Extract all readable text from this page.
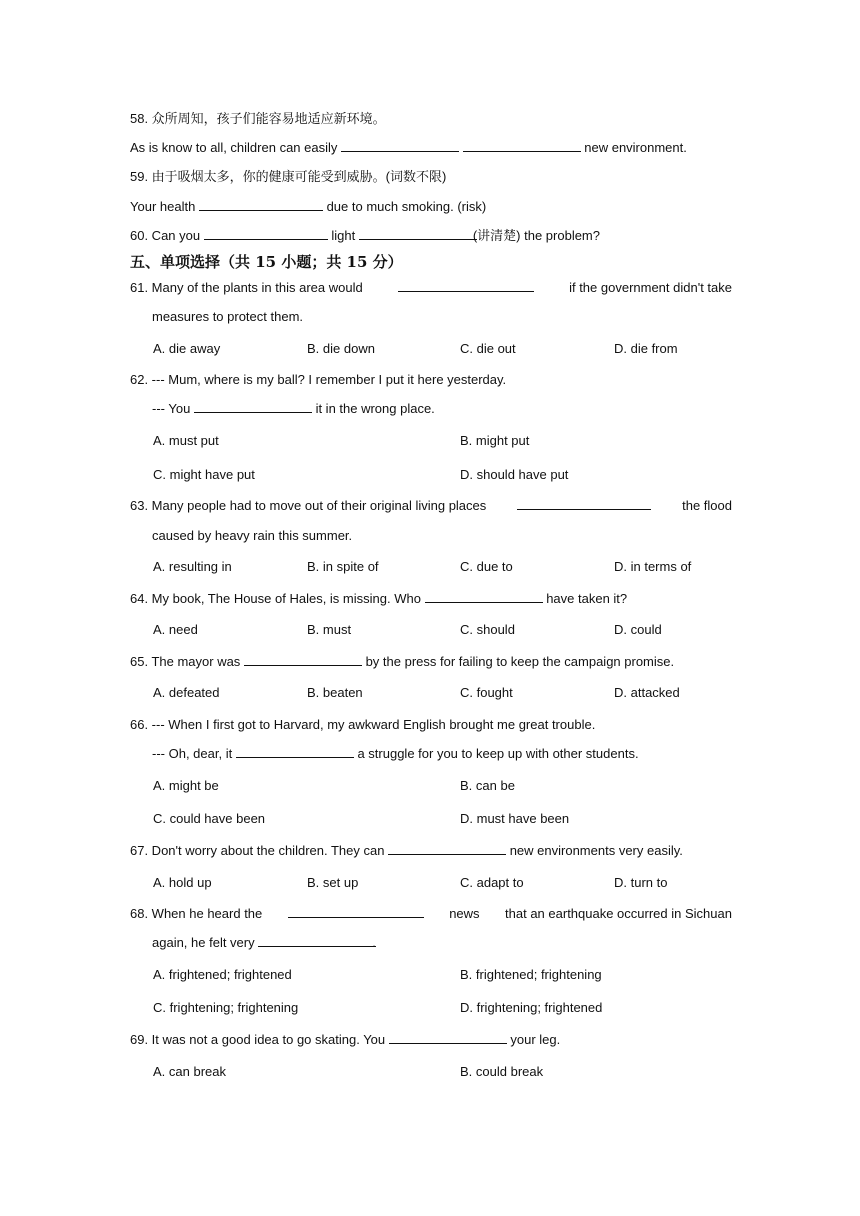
58. 众所周知，孩子们能容易地适应新环境。
As is know to all, children can easily	new environment.
59. 由于吸烟太多，你的健康可能受到威胁。(词数不限)
Your health	due to much smoking. (risk)
60. Can you	light	(讲清楚) the problem?
五、单项选择（共 15 小题；共 15 分）
61. Many of the plants in this area would	if the government didn't take
measures to protect them.
A. die away	B. die down	C. die out	D. die from
62. --- Mum, where is my ball? I remember I put it here yesterday.
--- You	it in the wrong place.
A. must put	B. might put
C. might have put	D. should have put
63. Many people had to move out of their original living places	the flood
caused by heavy rain this summer.
A. resulting in	B. in spite of	C. due to	D. in terms of
64. My book, The House of Hales, is missing. Who	have taken it?
A. need	B. must	C. should	D. could
65. The mayor was	by the press for failing to keep the campaign promise.
A. defeated	B. beaten	C. fought	D. attacked
66. --- When I first got to Harvard, my awkward English brought me great trouble.
--- Oh, dear, it	a struggle for you to keep up with other students.
A. might be	B. can be
C. could have been	D. must have been
67. Don't worry about the children. They can	new environments very easily.
A. hold up	B. set up	C. adapt to	D. turn to
68. When he heard the	news that an earthquake occurred in Sichuan
again, he felt very	.
A. frightened; frightened	B. frightened; frightening
C. frightening; frightening	D. frightening; frightened
69. It was not a good idea to go skating. You	your leg.
A. can break	B. could break
